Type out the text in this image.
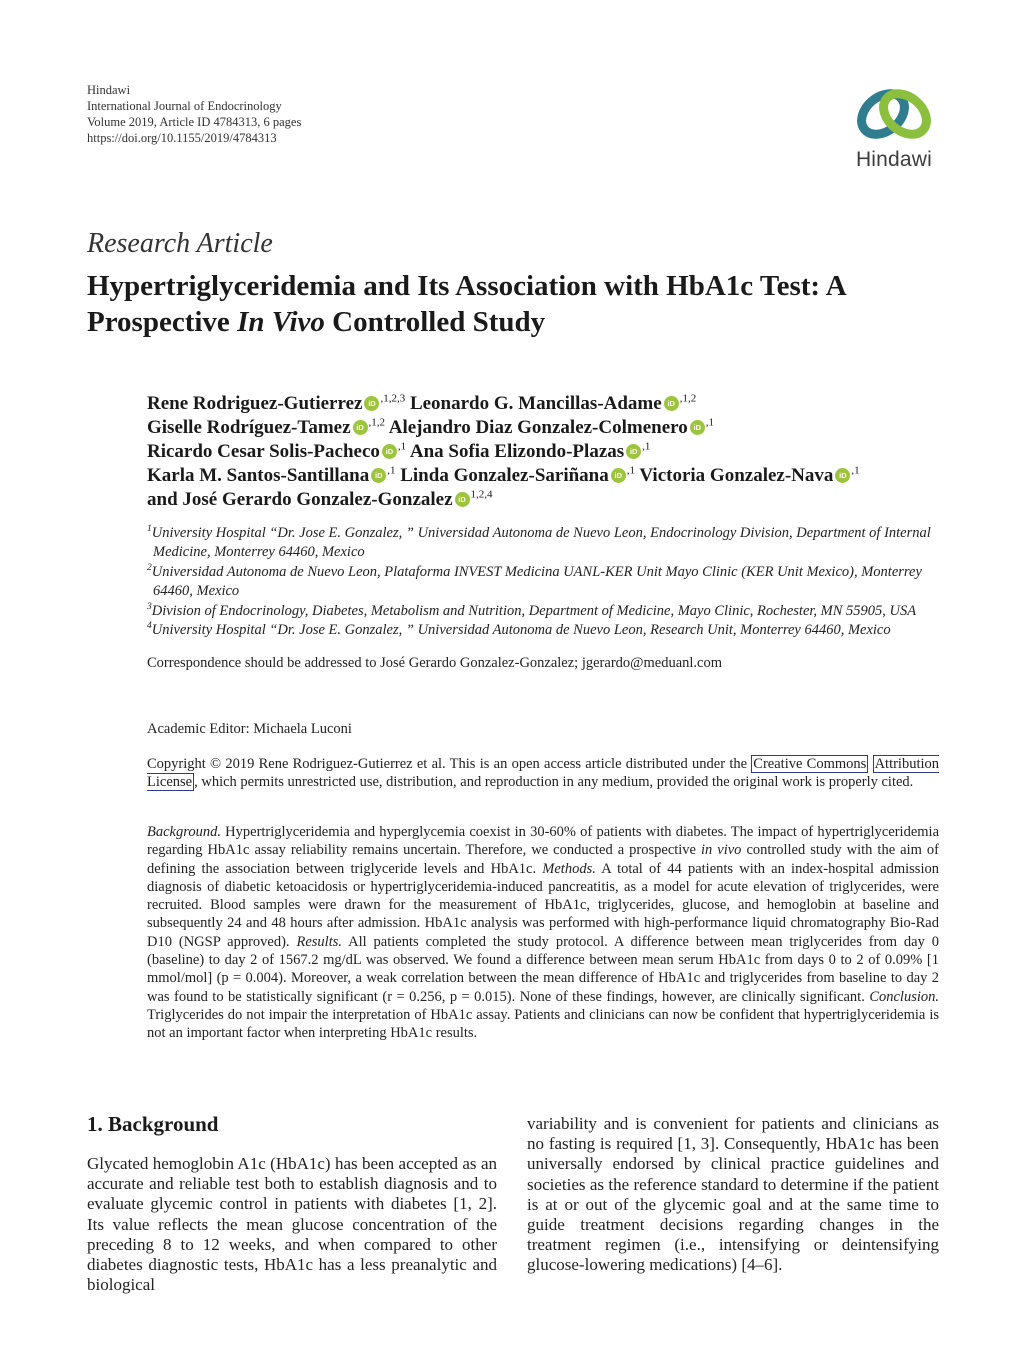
Hindawi
International Journal of Endocrinology
Volume 2019, Article ID 4784313, 6 pages
https://doi.org/10.1155/2019/4784313
Hindawi
Research Article
Hypertriglyceridemia and Its Association with HbA1c Test: A
Prospective In Vivo Controlled Study
Rene Rodriguez-Gutierrez iD $^{,1,2,3}$ Leonardo G. Mancillas-Adame iD $^{,1,2}$
Giselle Rodríguez-Tamez iD $^{,1,2}$ Alejandro Diaz Gonzalez-Colmenero iD $^{,1}$
Ricardo Cesar Solis-Pacheco iD $^{,1}$ Ana Sofia Elizondo-Plazas iD $^{,1}$
Karla M. Santos-Santillana iD $^{,1}$ Linda Gonzalez-Sariñana iD $^{,1}$ Victoria Gonzalez-Nava iD $^{,1}$
and José Gerardo Gonzalez-Gonzalez iD $^{1,2,4}$
$^1$University Hospital “Dr. Jose E. Gonzalez, ” Universidad Autonoma de Nuevo Leon, Endocrinology Division, Department of Internal Medicine, Monterrey 64460, Mexico
$^2$Universidad Autonoma de Nuevo Leon, Plataforma INVEST Medicina UANL-KER Unit Mayo Clinic (KER Unit Mexico), Monterrey 64460, Mexico
$^3$Division of Endocrinology, Diabetes, Metabolism and Nutrition, Department of Medicine, Mayo Clinic, Rochester, MN 55905, USA
$^4$University Hospital “Dr. Jose E. Gonzalez, ” Universidad Autonoma de Nuevo Leon, Research Unit, Monterrey 64460, Mexico
Correspondence should be addressed to José Gerardo Gonzalez-Gonzalez; jgerardo@meduanl.com
Academic Editor: Michaela Luconi
Copyright © 2019 Rene Rodriguez-Gutierrez et al. This is an open access article distributed under the Creative Commons Attribution License , which permits unrestricted use, distribution, and reproduction in any medium, provided the original work is properly cited.
Background. Hypertriglyceridemia and hyperglycemia coexist in 30-60% of patients with diabetes. The impact of hypertriglyceridemia regarding HbA1c assay reliability remains uncertain. Therefore, we conducted a prospective in vivo controlled study with the aim of defining the association between triglyceride levels and HbA1c. Methods. A total of 44 patients with an index-hospital admission diagnosis of diabetic ketoacidosis or hypertriglyceridemia-induced pancreatitis, as a model for acute elevation of triglycerides, were recruited. Blood samples were drawn for the measurement of HbA1c, triglycerides, glucose, and hemoglobin at baseline and subsequently 24 and 48 hours after admission. HbA1c analysis was performed with high-performance liquid chromatography Bio-Rad D10 (NGSP approved). Results. All patients completed the study protocol. A difference between mean triglycerides from day 0 (baseline) to day 2 of 1567.2 mg/dL was observed. We found a difference between mean serum HbA1c from days 0 to 2 of 0.09% [1 mmol/mol] (p = 0.004). Moreover, a weak correlation between the mean difference of HbA1c and triglycerides from baseline to day 2 was found to be statistically significant (r = 0.256, p = 0.015). None of these findings, however, are clinically significant. Conclusion. Triglycerides do not impair the interpretation of HbA1c assay. Patients and clinicians can now be confident that hypertriglyceridemia is not an important factor when interpreting HbA1c results.
1. Background
Glycated hemoglobin A1c (HbA1c) has been accepted as an accurate and reliable test both to establish diagnosis and to evaluate glycemic control in patients with diabetes [1, 2]. Its value reflects the mean glucose concentration of the preceding 8 to 12 weeks, and when compared to other diabetes diagnostic tests, HbA1c has a less preanalytic and biological
variability and is convenient for patients and clinicians as no fasting is required [1, 3]. Consequently, HbA1c has been universally endorsed by clinical practice guidelines and societies as the reference standard to determine if the patient is at or out of the glycemic goal and at the same time to guide treatment decisions regarding changes in the treatment regimen (i.e., intensifying or deintensifying glucose-lowering medications) [4–6].
